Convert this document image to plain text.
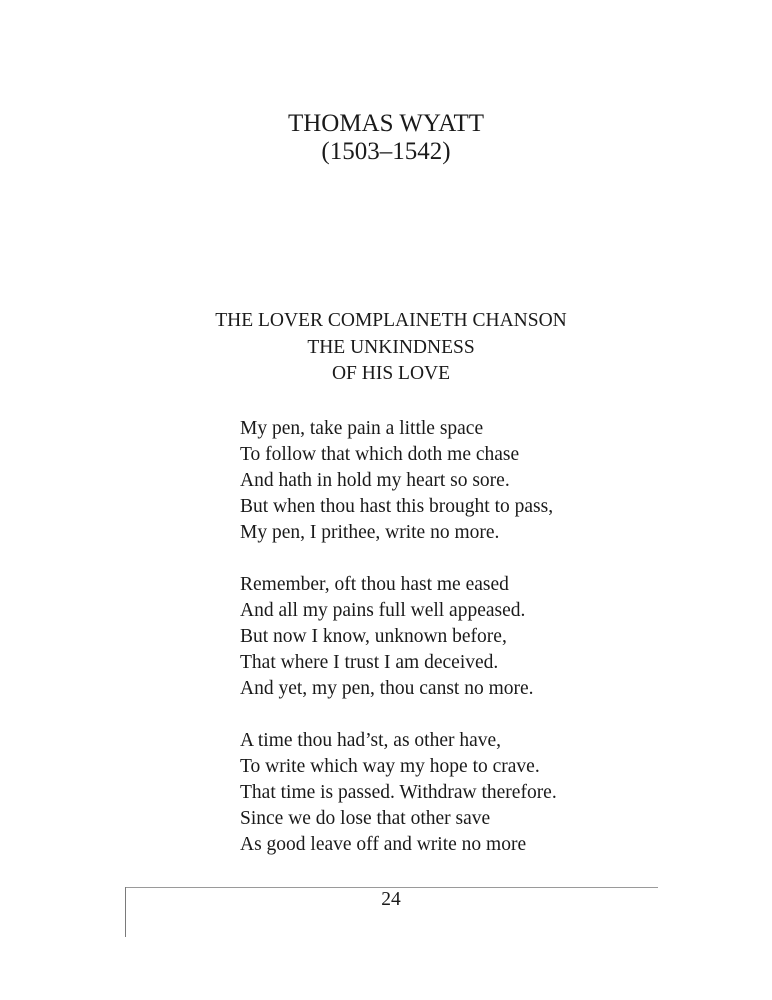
THOMAS WYATT
(1503–1542)
THE LOVER COMPLAINETH CHANSON
THE UNKINDNESS
OF HIS LOVE
My pen, take pain a little space
To follow that which doth me chase
And hath in hold my heart so sore.
But when thou hast this brought to pass,
My pen, I prithee, write no more.
Remember, oft thou hast me eased
And all my pains full well appeased.
But now I know, unknown before,
That where I trust I am deceived.
And yet, my pen, thou canst no more.
A time thou had’st, as other have,
To write which way my hope to crave.
That time is passed. Withdraw therefore.
Since we do lose that other save
As good leave off and write no more
24
